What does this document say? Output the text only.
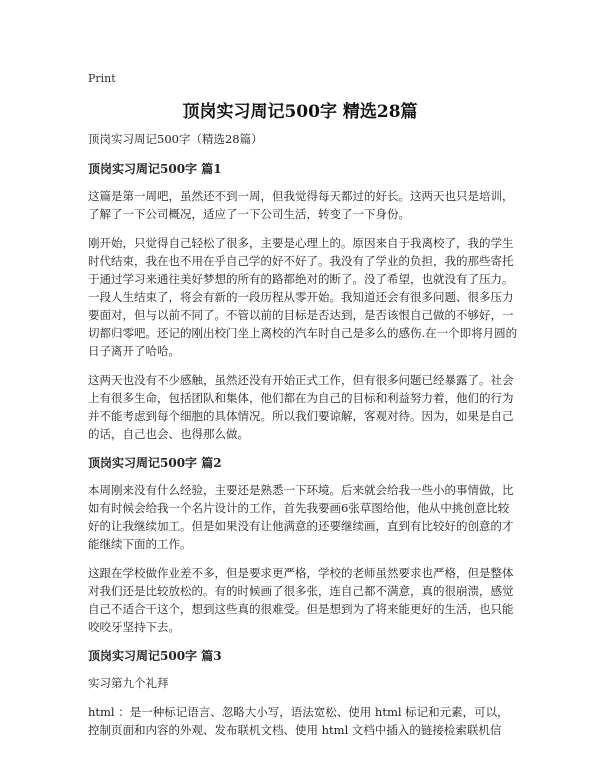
Print
顶岗实习周记500字 精选28篇

顶岗实习周记500字（精选28篇）

顶岗实习周记500字 篇1

这篇是第一周吧，虽然还不到一周，但我觉得每天都过的好长。这两天也只是培训，了解了一下公司概况，适应了一下公司生活，转变了一下身份。

刚开始，只觉得自己轻松了很多，主要是心理上的。原因来自于我离校了，我的学生时代结束，我在也不用在乎自己学的好不好了。我没有了学业的负担，我的那些寄托于通过学习来通往美好梦想的所有的路都绝对的断了。没了希望，也就没有了压力。一段人生结束了，将会有新的一段历程从零开始。我知道还会有很多问题、很多压力要面对，但与以前不同了。不管以前的目标是否达到，是否该恨自己做的不够好，一切都归零吧。还记的刚出校门坐上离校的汽车时自己是多么的感伤.在一个即将月圆的日子离开了哈哈。

这两天也没有不少感触，虽然还没有开始正式工作，但有很多问题已经暴露了。社会上有很多生命，包括团队和集体，他们都在为自己的目标和利益努力着，他们的行为并不能考虑到每个细胞的具体情况。所以我们要谅解，客观对待。因为，如果是自己的话，自己也会、也得那么做。

顶岗实习周记500字 篇2

本周刚来没有什么经验，主要还是熟悉一下环境。后来就会给我一些小的事情做，比如有时候会给我一个名片设计的工作，首先我要画6张草图给他，他从中挑创意比较好的让我继续加工。但是如果没有让他满意的还要继续画，直到有比较好的创意的才能继续下面的工作。

这跟在学校做作业差不多，但是要求更严格，学校的老师虽然要求也严格，但是整体对我们还是比较放松的。有的时候画了很多张，连自己都不满意，真的很崩溃，感觉自己不适合干这个，想到这些真的很难受。但是想到为了将来能更好的生活，也只能咬咬牙坚持下去。

顶岗实习周记500字 篇3

实习第九个礼拜

html ：是一种标记语言、忽略大小写，语法宽松、使用 html 标记和元素，可以，控制页面和内容的外观、发布联机文档、使用 html 文档中插入的链接检索联机信
